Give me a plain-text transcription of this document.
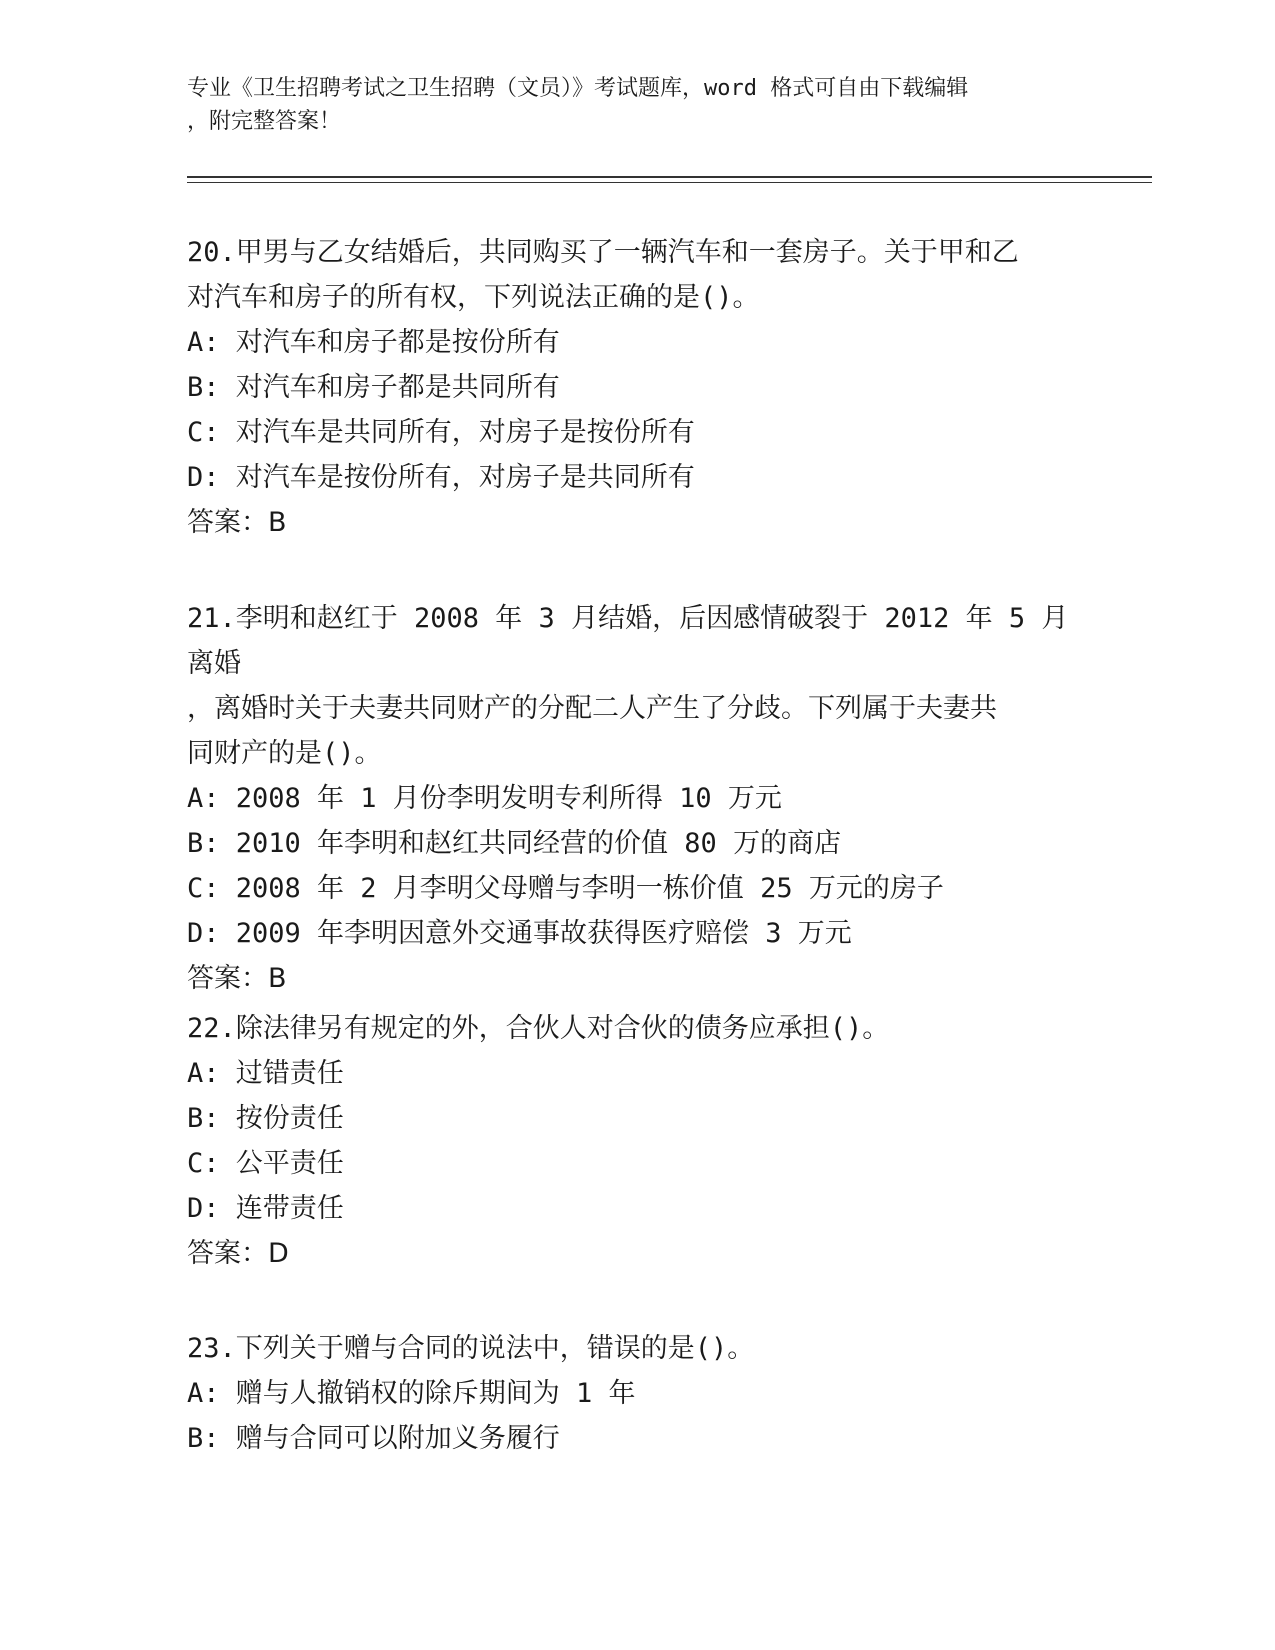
专业《卫生招聘考试之卫生招聘（文员）》考试题库，word 格式可自由下载编辑
，附完整答案！
20.甲男与乙女结婚后，共同购买了一辆汽车和一套房子。关于甲和乙
对汽车和房子的所有权，下列说法正确的是()。
A: 对汽车和房子都是按份所有
B: 对汽车和房子都是共同所有
C: 对汽车是共同所有，对房子是按份所有
D: 对汽车是按份所有，对房子是共同所有
答案：B
21.李明和赵红于 2008 年 3 月结婚，后因感情破裂于 2012 年 5 月离婚
，离婚时关于夫妻共同财产的分配二人产生了分歧。下列属于夫妻共
同财产的是()。
A: 2008 年 1 月份李明发明专利所得 10 万元
B: 2010 年李明和赵红共同经营的价值 80 万的商店
C: 2008 年 2 月李明父母赠与李明一栋价值 25 万元的房子
D: 2009 年李明因意外交通事故获得医疗赔偿 3 万元
答案：B
22.除法律另有规定的外，合伙人对合伙的债务应承担()。
A: 过错责任
B: 按份责任
C: 公平责任
D: 连带责任
答案：D
23.下列关于赠与合同的说法中，错误的是()。
A: 赠与人撤销权的除斥期间为 1 年
B: 赠与合同可以附加义务履行
